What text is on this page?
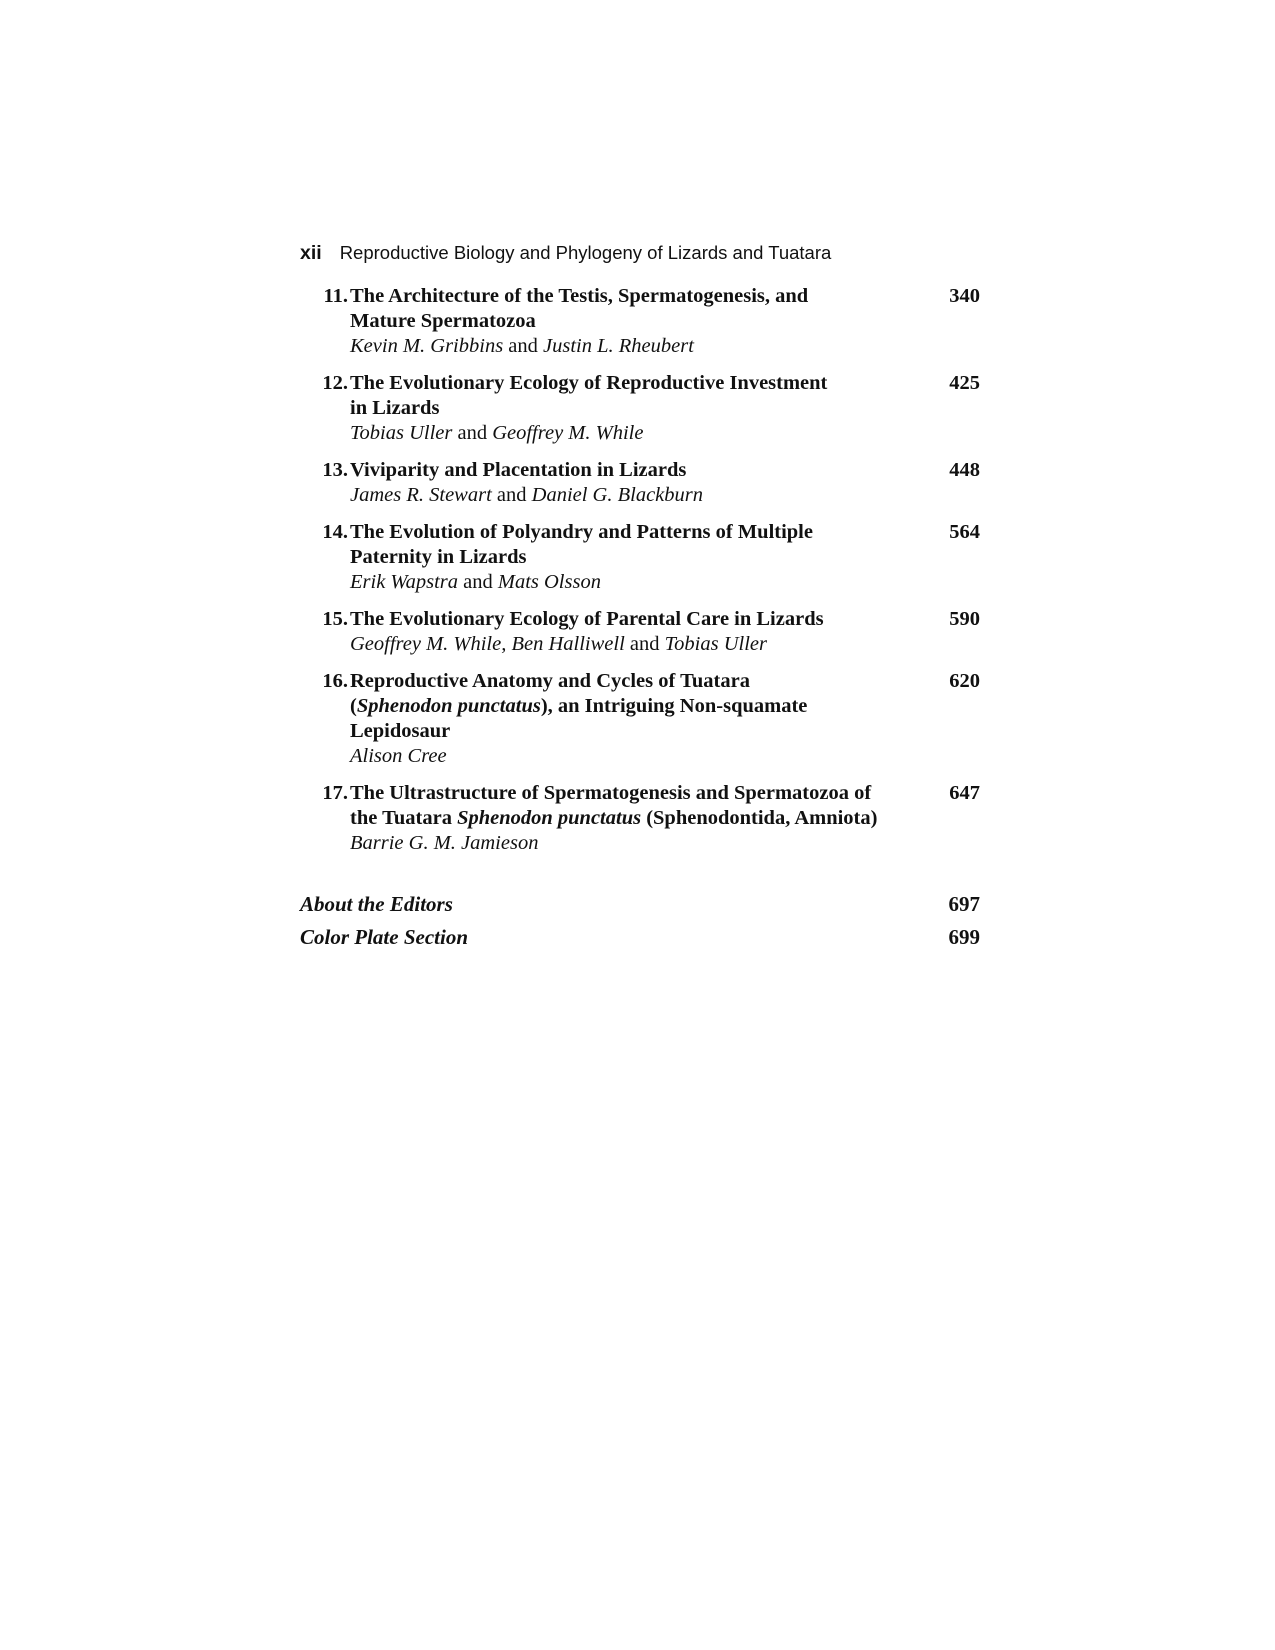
xii Reproductive Biology and Phylogeny of Lizards and Tuatara
11. The Architecture of the Testis, Spermatogenesis, and
Mature Spermatozoa
Kevin M. Gribbins and Justin L. Rheubert
340
12. The Evolutionary Ecology of Reproductive Investment
in Lizards
Tobias Uller and Geoffrey M. While
425
13. Viviparity and Placentation in Lizards
James R. Stewart and Daniel G. Blackburn
448
14. The Evolution of Polyandry and Patterns of Multiple
Paternity in Lizards
Erik Wapstra and Mats Olsson
564
15. The Evolutionary Ecology of Parental Care in Lizards
Geoffrey M. While, Ben Halliwell and Tobias Uller
590
16. Reproductive Anatomy and Cycles of Tuatara
(Sphenodon punctatus), an Intriguing Non-squamate
Lepidosaur
Alison Cree
620
17. The Ultrastructure of Spermatogenesis and Spermatozoa of
the Tuatara Sphenodon punctatus (Sphenodontida, Amniota)
Barrie G. M. Jamieson
647
About the Editors	697
Color Plate Section	699
